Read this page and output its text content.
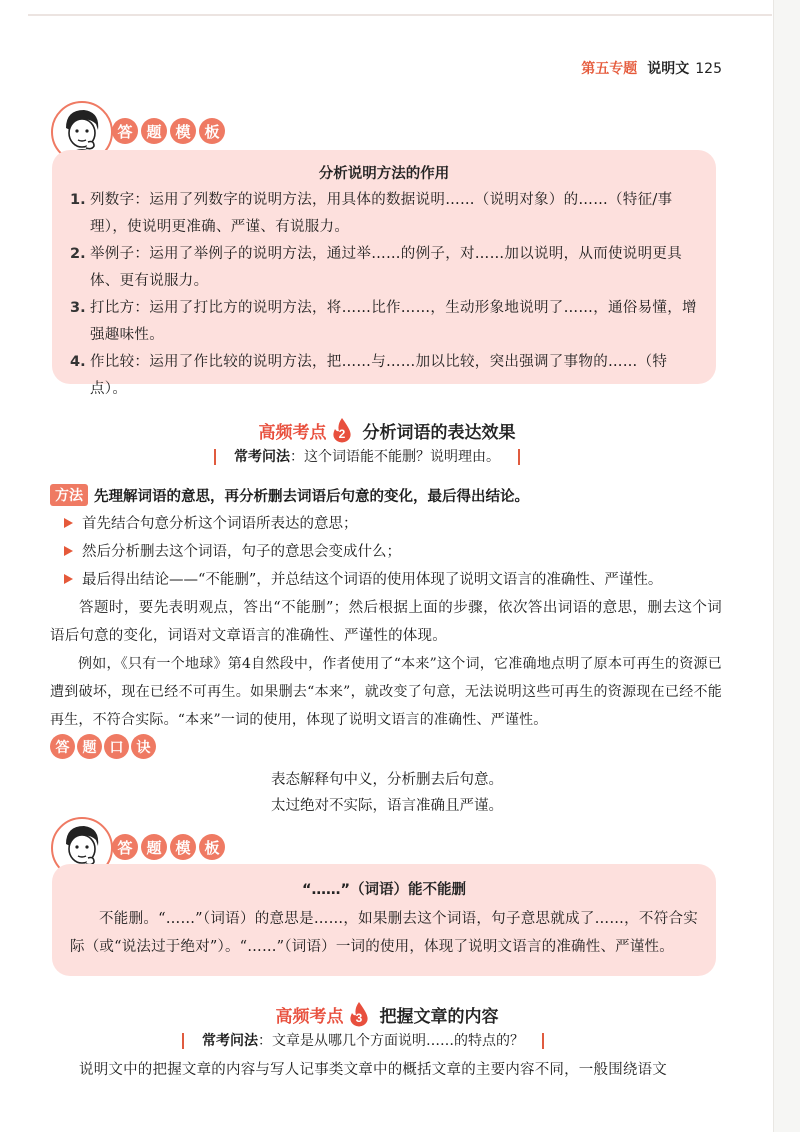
第五专题 说明文 125
答 题 模 板
分析说明方法的作用
1. 列数字：运用了列数字的说明方法，用具体的数据说明……（说明对象）的……（特征/事理），使说明更准确、严谨、有说服力。
2. 举例子：运用了举例子的说明方法，通过举……的例子，对……加以说明，从而使说明更具体、更有说服力。
3. 打比方：运用了打比方的说明方法，将……比作……，生动形象地说明了……，通俗易懂，增强趣味性。
4. 作比较：运用了作比较的说明方法，把……与……加以比较，突出强调了事物的……（特点）。
高频考点 2 分析词语的表达效果
常考问法：这个词语能不能删？说明理由。
方法 先理解词语的意思，再分析删去词语后句意的变化，最后得出结论。
首先结合句意分析这个词语所表达的意思；
然后分析删去这个词语，句子的意思会变成什么；
最后得出结论——“不能删”，并总结这个词语的使用体现了说明文语言的准确性、严谨性。
答题时，要先表明观点，答出“不能删”；然后根据上面的步骤，依次答出词语的意思，删去这个词语后句意的变化，词语对文章语言的准确性、严谨性的体现。
例如，《只有一个地球》第4自然段中，作者使用了“本来”这个词，它准确地点明了原本可再生的资源已遭到破坏，现在已经不可再生。如果删去“本来”，就改变了句意，无法说明这些可再生的资源现在已经不能再生，不符合实际。“本来”一词的使用，体现了说明文语言的准确性、严谨性。
答 题 口 诀
表态解释句中义，分析删去后句意。
太过绝对不实际，语言准确且严谨。
答 题 模 板
“……”（词语）能不能删
不能删。“……”（词语）的意思是……，如果删去这个词语，句子意思就成了……，不符合实际（或“说法过于绝对”）。“……”（词语）一词的使用，体现了说明文语言的准确性、严谨性。
高频考点 3 把握文章的内容
常考问法：文章是从哪几个方面说明……的特点的？
说明文中的把握文章的内容与写人记事类文章中的概括文章的主要内容不同，一般围绕语文
